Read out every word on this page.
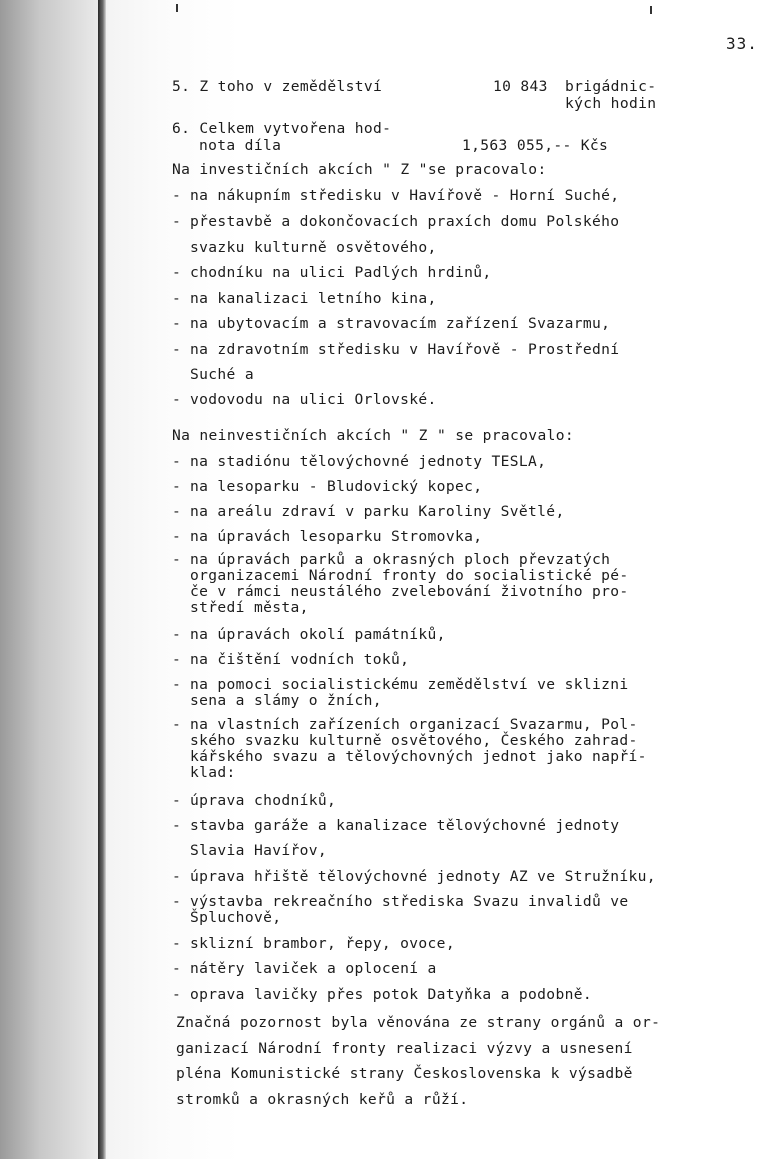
33.
5. Z toho v zemědělství	10 843 brigádnic-
kých hodin
6. Celkem vytvořena hod-
nota díla	1,563 055,-- Kčs
Na investičních akcích " Z "se pracovalo:
- na nákupním středisku v Havířově - Horní Suché,
- přestavbě a dokončovacích praxích domu Polského
svazku kulturně osvětového,
- chodníku na ulici Padlých hrdinů,
- na kanalizaci letního kina,
- na ubytovacím a stravovacím zařízení Svazarmu,
- na zdravotním středisku v Havířově - Prostřední
Suché a
- vodovodu na ulici Orlovské.
Na neinvestičních akcích " Z " se pracovalo:
- na stadiónu tělovýchovné jednoty TESLA,
- na lesoparku - Bludovický kopec,
- na areálu zdraví v parku Karoliny Světlé,
- na úpravách lesoparku Stromovka,
- na úpravách parků a okrasných ploch převzatých
organizacemi Národní fronty do socialistické pé-
če v rámci neustálého zvelebování životního pro-
středí města,
- na úpravách okolí památníků,
- na čištění vodních toků,
- na pomoci socialistickému zemědělství ve sklizni
sena a slámy o žních,
- na vlastních zařízeních organizací Svazarmu, Pol-
ského svazku kulturně osvětového, Českého zahrad-
kářského svazu a tělovýchovných jednot jako napří-
klad:
- úprava chodníků,
- stavba garáže a kanalizace tělovýchovné jednoty
Slavia Havířov,
- úprava hřiště tělovýchovné jednoty AZ ve Stružníku,
- výstavba rekreačního střediska Svazu invalidů ve
Špluchově,
- sklizní brambor, řepy, ovoce,
- nátěry laviček a oplocení a
- oprava lavičky přes potok Datyňka a podobně.
Značná pozornost byla věnována ze strany orgánů a or-
ganizací Národní fronty realizaci výzvy a usnesení
pléna Komunistické strany Československa k výsadbě
stromků a okrasných keřů a růží.
